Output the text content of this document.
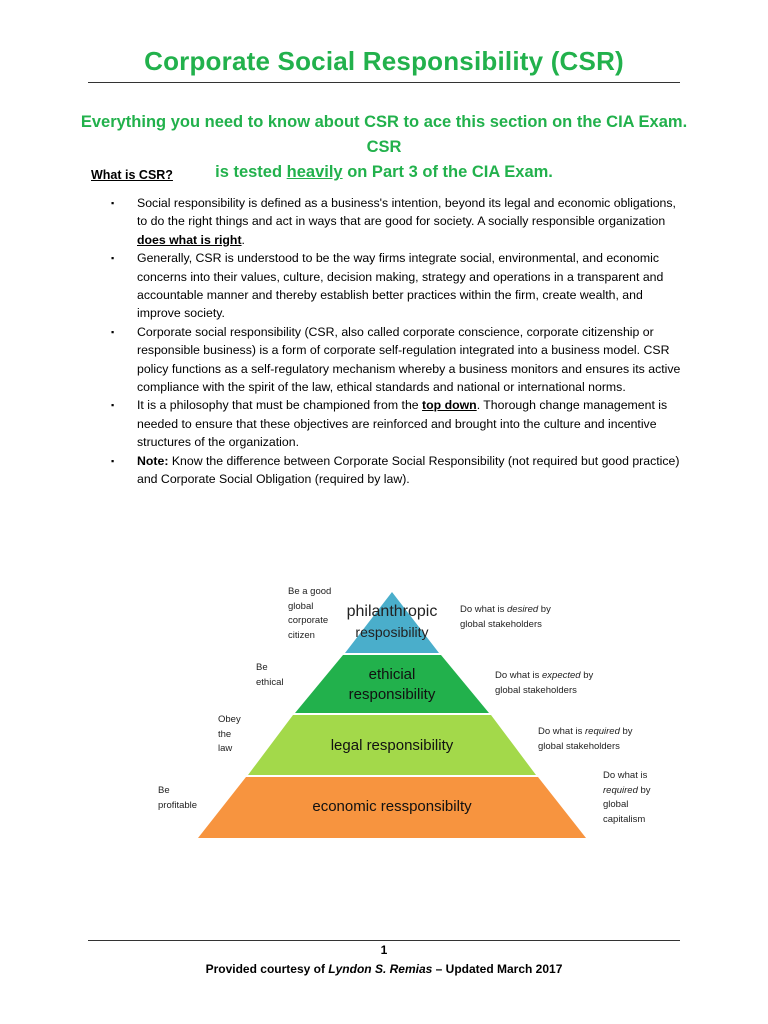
Corporate Social Responsibility (CSR)
Everything you need to know about CSR to ace this section on the CIA Exam. CSR
is tested heavily on Part 3 of the CIA Exam.
What is CSR?
▪ Social responsibility is defined as a business's intention, beyond its legal and economic obligations, to do the right things and act in ways that are good for society. A socially responsible organization does what is right.
▪ Generally, CSR is understood to be the way firms integrate social, environmental, and economic concerns into their values, culture, decision making, strategy and operations in a transparent and accountable manner and thereby establish better practices within the firm, create wealth, and improve society.
▪ Corporate social responsibility (CSR, also called corporate conscience, corporate citizenship or responsible business) is a form of corporate self-regulation integrated into a business model. CSR policy functions as a self-regulatory mechanism whereby a business monitors and ensures its active compliance with the spirit of the law, ethical standards and national or international norms.
▪ It is a philosophy that must be championed from the top down. Thorough change management is needed to ensure that these objectives are reinforced and brought into the culture and incentive structures of the organization.
▪ Note: Know the difference between Corporate Social Responsibility (not required but good practice) and Corporate Social Obligation (required by law).
philanthropic
resposibility
ethicial
responsibility
legal responsibility
economic ressponsibilty
Be a good
global
corporate
citizen
Be
ethical
Obey
the
law
Be
profitable
Do what is desired by
global stakeholders
Do what is expected by
global stakeholders
Do what is required by
global stakeholders
Do what is
required by
global
capitalism
1
Provided courtesy of Lyndon S. Remias – Updated March 2017
